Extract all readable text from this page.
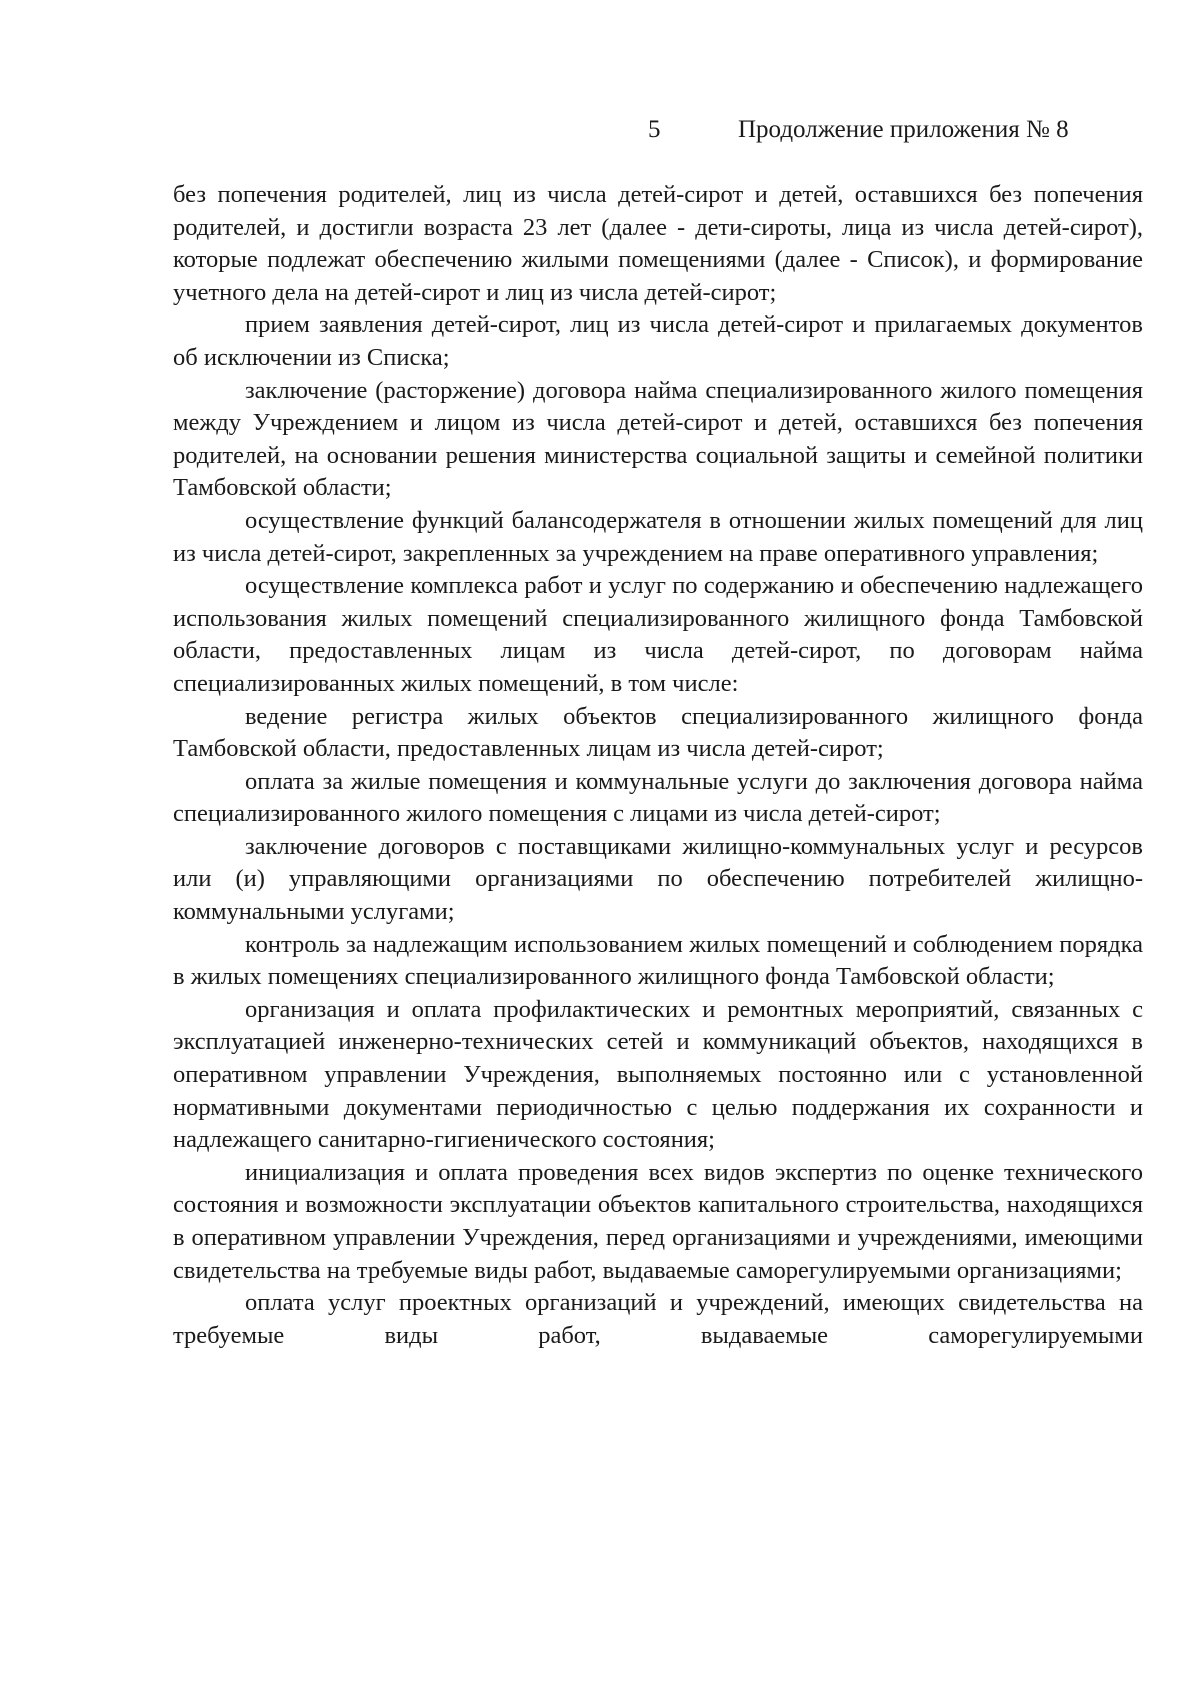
5	Продолжение приложения № 8

без попечения родителей, лиц из числа детей-сирот и детей, оставшихся без попечения родителей, и достигли возраста 23 лет (далее - дети-сироты, лица из числа детей-сирот), которые подлежат обеспечению жилыми помещениями (далее - Список), и формирование учетного дела на детей-сирот и лиц из числа детей-сирот;

прием заявления детей-сирот, лиц из числа детей-сирот и прилагаемых документов об исключении из Списка;

заключение (расторжение) договора найма специализированного жилого помещения между Учреждением и лицом из числа детей-сирот и детей, оставшихся без попечения родителей, на основании решения министерства социальной защиты и семейной политики Тамбовской области;

осуществление функций балансодержателя в отношении жилых помещений для лиц из числа детей-сирот, закрепленных за учреждением на праве оперативного управления;

осуществление комплекса работ и услуг по содержанию и обеспечению надлежащего использования жилых помещений специализированного жилищного фонда Тамбовской области, предоставленных лицам из числа детей-сирот, по договорам найма специализированных жилых помещений, в том числе:

ведение регистра жилых объектов специализированного жилищного фонда Тамбовской области, предоставленных лицам из числа детей-сирот;

оплата за жилые помещения и коммунальные услуги до заключения договора найма специализированного жилого помещения с лицами из числа детей-сирот;

заключение договоров с поставщиками жилищно-коммунальных услуг и ресурсов или (и) управляющими организациями по обеспечению потребителей жилищно-коммунальными услугами;

контроль за надлежащим использованием жилых помещений и соблюдением порядка в жилых помещениях специализированного жилищного фонда Тамбовской области;

организация и оплата профилактических и ремонтных мероприятий, связанных с эксплуатацией инженерно-технических сетей и коммуникаций объектов, находящихся в оперативном управлении Учреждения, выполняемых постоянно или с установленной нормативными документами периодичностью с целью поддержания их сохранности и надлежащего санитарно-гигиенического состояния;

инициализация и оплата проведения всех видов экспертиз по оценке технического состояния и возможности эксплуатации объектов капитального строительства, находящихся в оперативном управлении Учреждения, перед организациями и учреждениями, имеющими свидетельства на требуемые виды работ, выдаваемые саморегулируемыми организациями;

оплата услуг проектных организаций и учреждений, имеющих свидетельства на требуемые виды работ, выдаваемые саморегулируемыми
